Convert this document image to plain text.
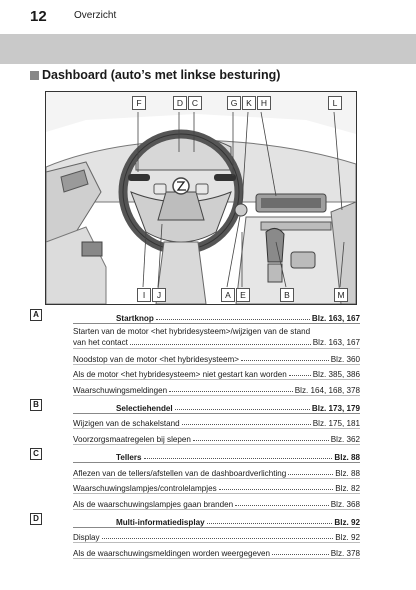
12	Overzicht
Dashboard (auto’s met linkse besturing)
F	D	C	G	K	H	L
I	J	A	E	B	M
A	Startknop	Blz. 163, 167
Starten van de motor <het hybridesysteem>/wijzigen van de stand
van het contact	Blz. 163, 167
Noodstop van de motor <het hybridesysteem>	Blz. 360
Als de motor <het hybridesysteem> niet gestart kan worden	Blz. 385, 386
Waarschuwingsmeldingen	Blz. 164, 168, 378
B	Selectiehendel	Blz. 173, 179
Wijzigen van de schakelstand	Blz. 175, 181
Voorzorgsmaatregelen bij slepen	Blz. 362
C	Tellers	Blz. 88
Aflezen van de tellers/afstellen van de dashboardverlichting	Blz. 88
Waarschuwingslampjes/controlelampjes	Blz. 82
Als de waarschuwingslampjes gaan branden	Blz. 368
D	Multi-informatiedisplay	Blz. 92
Display	Blz. 92
Als de waarschuwingsmeldingen worden weergegeven	Blz. 378
